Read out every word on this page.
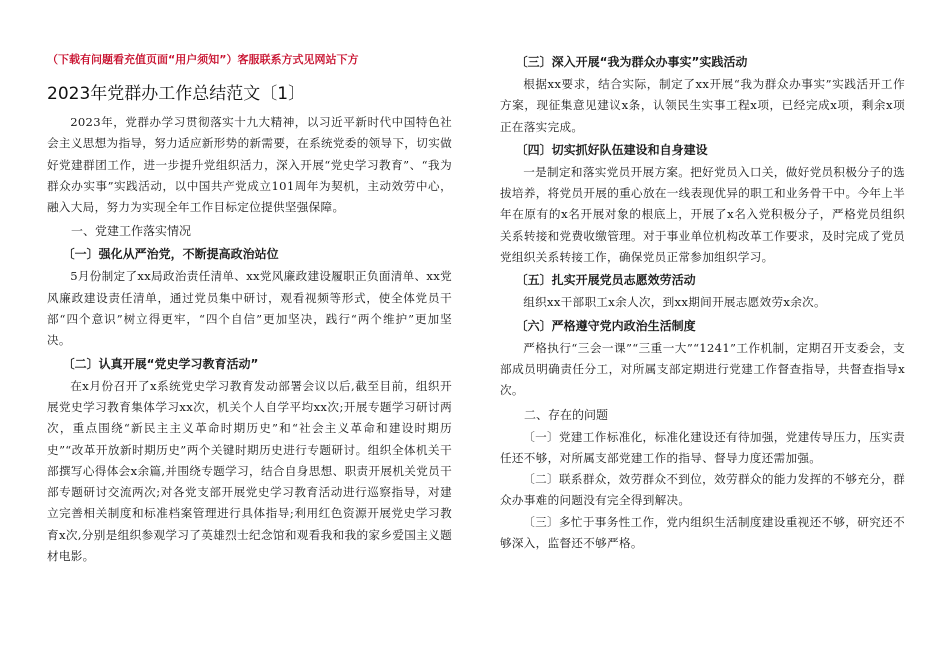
（下载有问题看充值页面“用户须知”）客服联系方式见网站下方
2023年党群办工作总结范文〔1〕

2023年，党群办学习贯彻落实十九大精神，以习近平新时代中国特色社会主义思想为指导，努力适应新形势的新需要，在系统党委的领导下，切实做好党建群团工作，进一步提升党组织活力，深入开展“党史学习教育”、“我为群众办实事”实践活动，以中国共产党成立101周年为契机，主动效劳中心，融入大局，努力为实现全年工作目标定位提供坚强保障。

一、党建工作落实情况
〔一〕强化从严治党，不断提高政治站位

5月份制定了xx局政治责任清单、xx党风廉政建设履职正负面清单、xx党风廉政建设责任清单，通过党员集中研讨，观看视频等形式，使全体党员干部“四个意识”树立得更牢，“四个自信”更加坚决，践行“两个维护”更加坚决。

〔二〕认真开展“党史学习教育活动”

在x月份召开了x系统党史学习教育发动部署会议以后,截至目前，组织开展党史学习教育集体学习xx次，机关个人自学平均xx次;开展专题学习研讨两次，重点围绕“新民主主义革命时期历史”和“社会主义革命和建设时期历史”“改革开放新时期历史”两个关键时期历史进行专题研讨。组织全体机关干部撰写心得体会x余篇,并围绕专题学习，结合自身思想、职责开展机关党员干部专题研讨交流两次;对各党支部开展党史学习教育活动进行巡察指导，对建立完善相关制度和标准档案管理进行具体指导;利用红色资源开展党史学习教育x次,分别是组织参观学习了英雄烈士纪念馆和观看我和我的家乡爱国主义题材电影。

〔三〕深入开展“我为群众办事实”实践活动

根据xx要求，结合实际，制定了xx开展“我为群众办事实”实践活开工作方案，现征集意见建议x条，认领民生实事工程x项，已经完成x项，剩余x项正在落实完成。

〔四〕切实抓好队伍建设和自身建设

一是制定和落实党员开展方案。把好党员入口关，做好党员积极分子的选拔培养，将党员开展的重心放在一线表现优异的职工和业务骨干中。今年上半年在原有的x名开展对象的根底上，开展了x名入党积极分子，严格党员组织关系转接和党费收缴管理。对于事业单位机构改革工作要求，及时完成了党员党组织关系转接工作，确保党员正常参加组织学习。

〔五〕扎实开展党员志愿效劳活动

组织xx干部职工x余人次，到xx期间开展志愿效劳x余次。

〔六〕严格遵守党内政治生活制度

严格执行“三会一课”“三重一大”“1241”工作机制，定期召开支委会，支部成员明确责任分工，对所属支部定期进行党建工作督查指导，共督查指导x次。

二、存在的问题

〔一〕党建工作标准化，标准化建设还有待加强，党建传导压力，压实责任还不够，对所属支部党建工作的指导、督导力度还需加强。

〔二〕联系群众，效劳群众不到位，效劳群众的能力发挥的不够充分，群众办事难的问题没有完全得到解决。

〔三〕多忙于事务性工作，党内组织生活制度建设重视还不够，研究还不够深入，监督还不够严格。
